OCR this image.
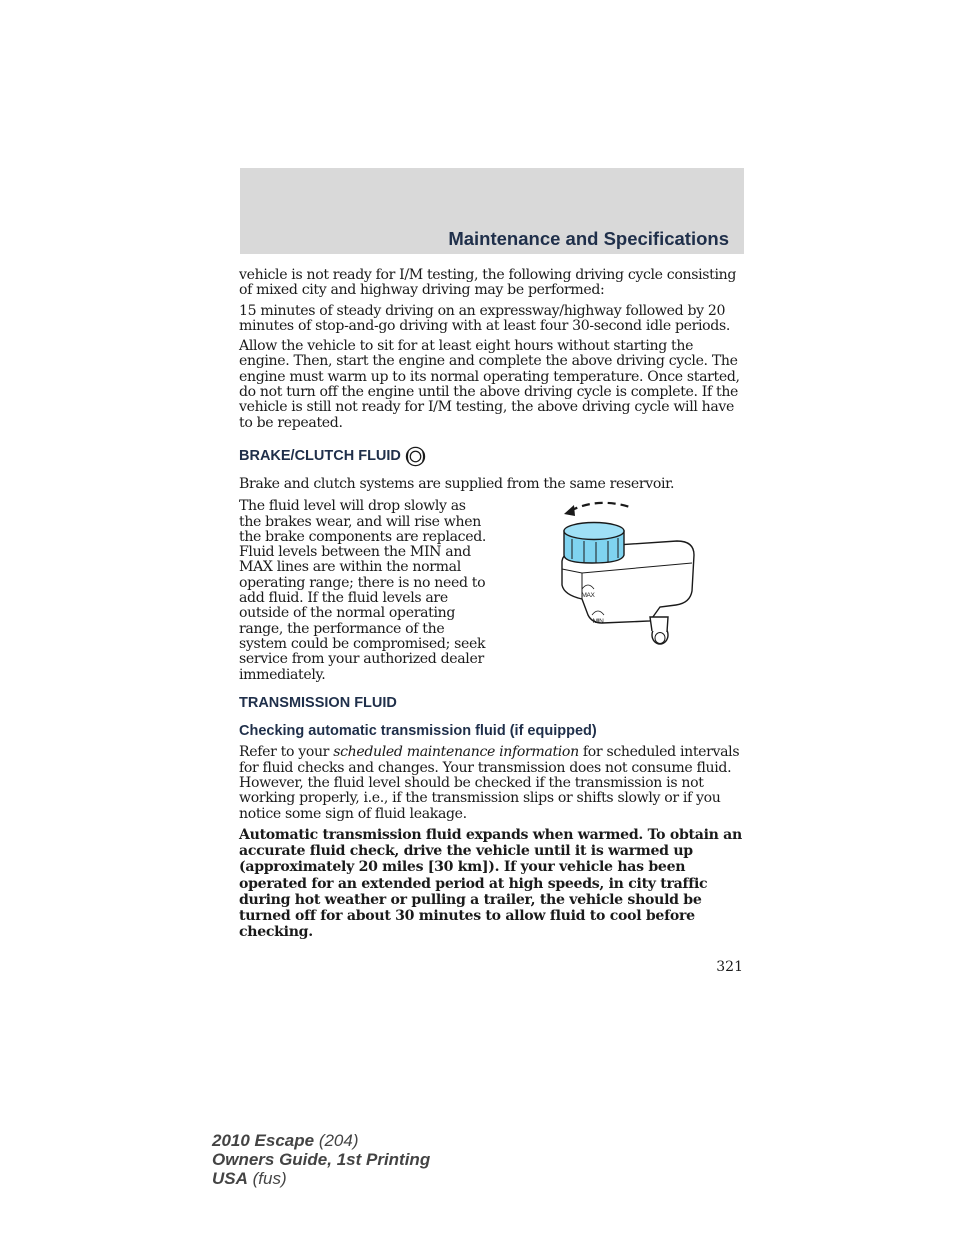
Maintenance and Specifications

vehicle is not ready for I/M testing, the following driving cycle consisting of mixed city and highway driving may be performed:

15 minutes of steady driving on an expressway/highway followed by 20 minutes of stop-and-go driving with at least four 30-second idle periods.

Allow the vehicle to sit for at least eight hours without starting the engine. Then, start the engine and complete the above driving cycle. The engine must warm up to its normal operating temperature. Once started, do not turn off the engine until the above driving cycle is complete. If the vehicle is still not ready for I/M testing, the above driving cycle will have to be repeated.

BRAKE/CLUTCH FLUID

Brake and clutch systems are supplied from the same reservoir.

The fluid level will drop slowly as the brakes wear, and will rise when the brake components are replaced. Fluid levels between the MIN and MAX lines are within the normal operating range; there is no need to add fluid. If the fluid levels are outside of the normal operating range, the performance of the system could be compromised; seek service from your authorized dealer immediately.

MAX
MIN
TRANSMISSION FLUID
Checking automatic transmission fluid (if equipped)

Refer to your scheduled maintenance information for scheduled intervals for fluid checks and changes. Your transmission does not consume fluid. However, the fluid level should be checked if the transmission is not working properly, i.e., if the transmission slips or shifts slowly or if you notice some sign of fluid leakage.

Automatic transmission fluid expands when warmed. To obtain an accurate fluid check, drive the vehicle until it is warmed up (approximately 20 miles [30 km]). If your vehicle has been operated for an extended period at high speeds, in city traffic during hot weather or pulling a trailer, the vehicle should be turned off for about 30 minutes to allow fluid to cool before checking.

321
2010 Escape (204)
Owners Guide, 1st Printing
USA (fus)
